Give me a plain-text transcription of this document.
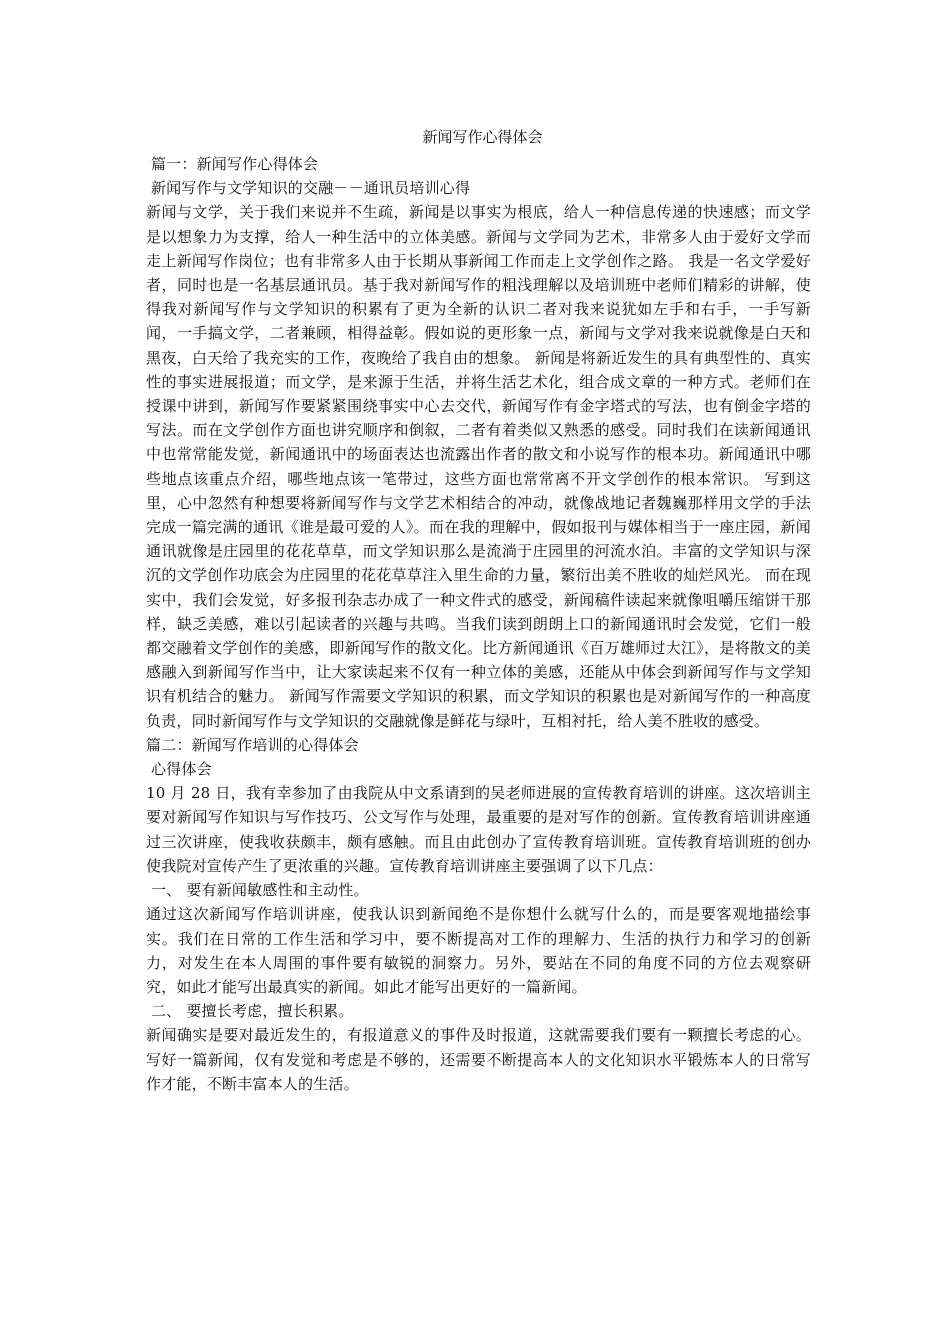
新闻写作心得体会
篇一：新闻写作心得体会
新闻写作与文学知识的交融－－通讯员培训心得
新闻与文学，关于我们来说并不生疏，新闻是以事实为根底，给人一种信息传递的快速感；而文学是以想象力为支撑，给人一种生活中的立体美感。新闻与文学同为艺术，非常多人由于爱好文学而走上新闻写作岗位；也有非常多人由于长期从事新闻工作而走上文学创作之路。 我是一名文学爱好者，同时也是一名基层通讯员。基于我对新闻写作的粗浅理解以及培训班中老师们精彩的讲解，使得我对新闻写作与文学知识的积累有了更为全新的认识二者对我来说犹如左手和右手，一手写新闻，一手搞文学，二者兼顾，相得益彰。假如说的更形象一点，新闻与文学对我来说就像是白天和黑夜，白天给了我充实的工作，夜晚给了我自由的想象。 新闻是将新近发生的具有典型性的、真实性的事实进展报道；而文学，是来源于生活，并将生活艺术化，组合成文章的一种方式。老师们在授课中讲到，新闻写作要紧紧围绕事实中心去交代，新闻写作有金字塔式的写法，也有倒金字塔的写法。而在文学创作方面也讲究顺序和倒叙，二者有着类似又熟悉的感受。同时我们在读新闻通讯中也常常能发觉，新闻通讯中的场面表达也流露出作者的散文和小说写作的根本功。新闻通讯中哪些地点该重点介绍，哪些地点该一笔带过，这些方面也常常离不开文学创作的根本常识。 写到这里，心中忽然有种想要将新闻写作与文学艺术相结合的冲动，就像战地记者魏巍那样用文学的手法完成一篇完满的通讯《谁是最可爱的人》。而在我的理解中，假如报刊与媒体相当于一座庄园，新闻通讯就像是庄园里的花花草草，而文学知识那么是流淌于庄园里的河流水泊。丰富的文学知识与深沉的文学创作功底会为庄园里的花花草草注入里生命的力量，繁衍出美不胜收的灿烂风光。 而在现实中，我们会发觉，好多报刊杂志办成了一种文件式的感受，新闻稿件读起来就像咀嚼压缩饼干那样，缺乏美感，难以引起读者的兴趣与共鸣。当我们读到朗朗上口的新闻通讯时会发觉，它们一般都交融着文学创作的美感，即新闻写作的散文化。比方新闻通讯《百万雄师过大江》，是将散文的美感融入到新闻写作当中，让大家读起来不仅有一种立体的美感，还能从中体会到新闻写作与文学知识有机结合的魅力。 新闻写作需要文学知识的积累，而文学知识的积累也是对新闻写作的一种高度负责，同时新闻写作与文学知识的交融就像是鲜花与绿叶，互相衬托，给人美不胜收的感受。
篇二：新闻写作培训的心得体会
心得体会
10 月 28 日，我有幸参加了由我院从中文系请到的吴老师进展的宣传教育培训的讲座。这次培训主要对新闻写作知识与写作技巧、公文写作与处理，最重要的是对写作的创新。宣传教育培训讲座通过三次讲座，使我收获颇丰，颇有感触。而且由此创办了宣传教育培训班。宣传教育培训班的创办使我院对宣传产生了更浓重的兴趣。宣传教育培训讲座主要强调了以下几点：
一、 要有新闻敏感性和主动性。
通过这次新闻写作培训讲座，使我认识到新闻绝不是你想什么就写什么的，而是要客观地描绘事实。我们在日常的工作生活和学习中，要不断提高对工作的理解力、生活的执行力和学习的创新力，对发生在本人周围的事件要有敏锐的洞察力。另外，要站在不同的角度不同的方位去观察研究，如此才能写出最真实的新闻。如此才能写出更好的一篇新闻。
二、 要擅长考虑，擅长积累。
新闻确实是要对最近发生的，有报道意义的事件及时报道，这就需要我们要有一颗擅长考虑的心。写好一篇新闻，仅有发觉和考虑是不够的，还需要不断提高本人的文化知识水平锻炼本人的日常写作才能，不断丰富本人的生活。
